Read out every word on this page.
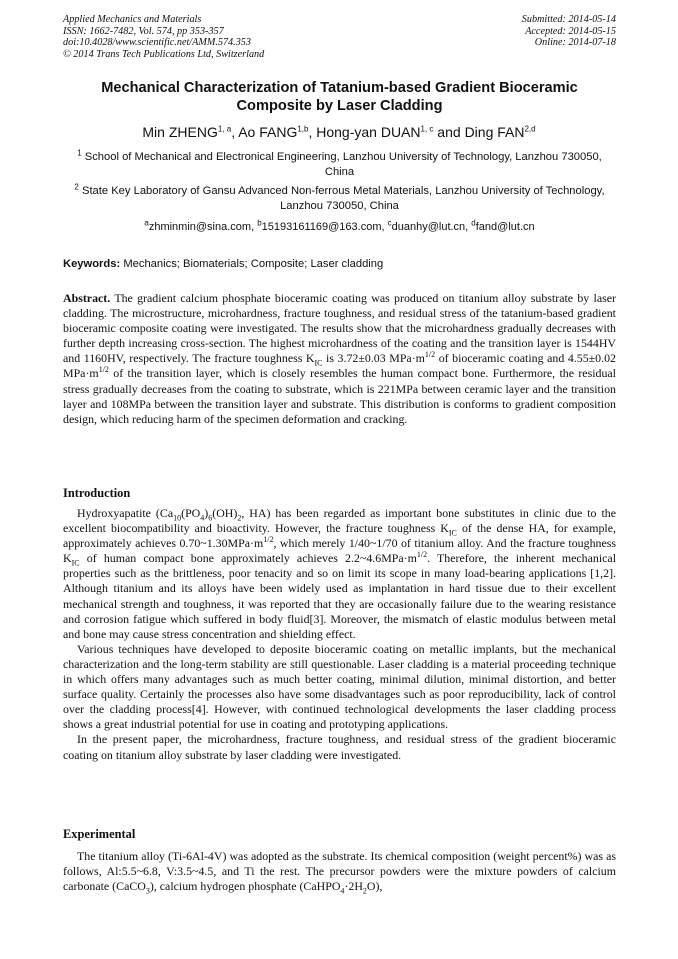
Applied Mechanics and Materials
ISSN: 1662-7482, Vol. 574, pp 353-357
doi:10.4028/www.scientific.net/AMM.574.353
© 2014 Trans Tech Publications Ltd, Switzerland
Submitted: 2014-05-14
Accepted: 2014-05-15
Online: 2014-07-18
Mechanical Characterization of Tatanium-based Gradient Bioceramic Composite by Laser Cladding
Min ZHENG$^{1, a}$, Ao FANG$^{1,b}$, Hong-yan DUAN$^{1, c}$ and Ding FAN$^{2,d}$
$^1$ School of Mechanical and Electronical Engineering, Lanzhou University of Technology, Lanzhou 730050, China
$^2$ State Key Laboratory of Gansu Advanced Non-ferrous Metal Materials, Lanzhou University of Technology, Lanzhou 730050, China
$^a$zhminmin@sina.com, $^b$15193161169@163.com, $^c$duanhy@lut.cn, $^d$fand@lut.cn
Keywords: Mechanics; Biomaterials; Composite; Laser cladding

Abstract. The gradient calcium phosphate bioceramic coating was produced on titanium alloy substrate by laser cladding. The microstructure, microhardness, fracture toughness, and residual stress of the tatanium-based gradient bioceramic composite coating were investigated. The results show that the microhardness gradually decreases with further depth increasing cross-section. The highest microhardness of the coating and the transition layer is 1544HV and 1160HV, respectively. The fracture toughness $K_{IC}$ is 3.72±0.03 $MPa\cdot m^{1/2}$ of bioceramic coating and 4.55±0.02 $MPa\cdot m^{1/2}$ of the transition layer, which is closely resembles the human compact bone. Furthermore, the residual stress gradually decreases from the coating to substrate, which is 221MPa between ceramic layer and the transition layer and 108MPa between the transition layer and substrate. This distribution is conforms to gradient composition design, which reducing harm of the specimen deformation and cracking.

Introduction

Hydroxyapatite ($Ca_{10}(PO_4)_6(OH)_2$, HA) has been regarded as important bone substitutes in clinic due to the excellent biocompatibility and bioactivity. However, the fracture toughness $K_{IC}$ of the dense HA, for example, approximately achieves $0.70\sim 1.30MPa\cdot m^{1/2}$, which merely 1/40~1/70 of titanium alloy. And the fracture toughness $K_{IC}$ of human compact bone approximately achieves $2.2\sim 4.6MPa\cdot m^{1/2}$. Therefore, the inherent mechanical properties such as the brittleness, poor tenacity and so on limit its scope in many load-bearing applications [1,2]. Although titanium and its alloys have been widely used as implantation in hard tissue due to their excellent mechanical strength and toughness, it was reported that they are occasionally failure due to the wearing resistance and corrosion fatigue which suffered in body fluid[3]. Moreover, the mismatch of elastic modulus between metal and bone may cause stress concentration and shielding effect.

Various techniques have developed to deposite bioceramic coating on metallic implants, but the mechanical characterization and the long-term stability are still questionable. Laser cladding is a material proceeding technique in which offers many advantages such as much better coating, minimal dilution, minimal distortion, and better surface quality. Certainly the processes also have some disadvantages such as poor reproducibility, lack of control over the cladding process[4]. However, with continued technological developments the laser cladding process shows a great industrial potential for use in coating and prototyping applications.

In the present paper, the microhardness, fracture toughness, and residual stress of the gradient bioceramic coating on titanium alloy substrate by laser cladding were investigated.

Experimental

The titanium alloy (Ti-6Al-4V) was adopted as the substrate. Its chemical composition (weight percent%) was as follows, Al:5.5~6.8, V:3.5~4.5, and Ti the rest. The precursor powders were the mixture powders of calcium carbonate (CaCO$_3$), calcium hydrogen phosphate $(CaHPO_4\cdot 2H_2O)$,
